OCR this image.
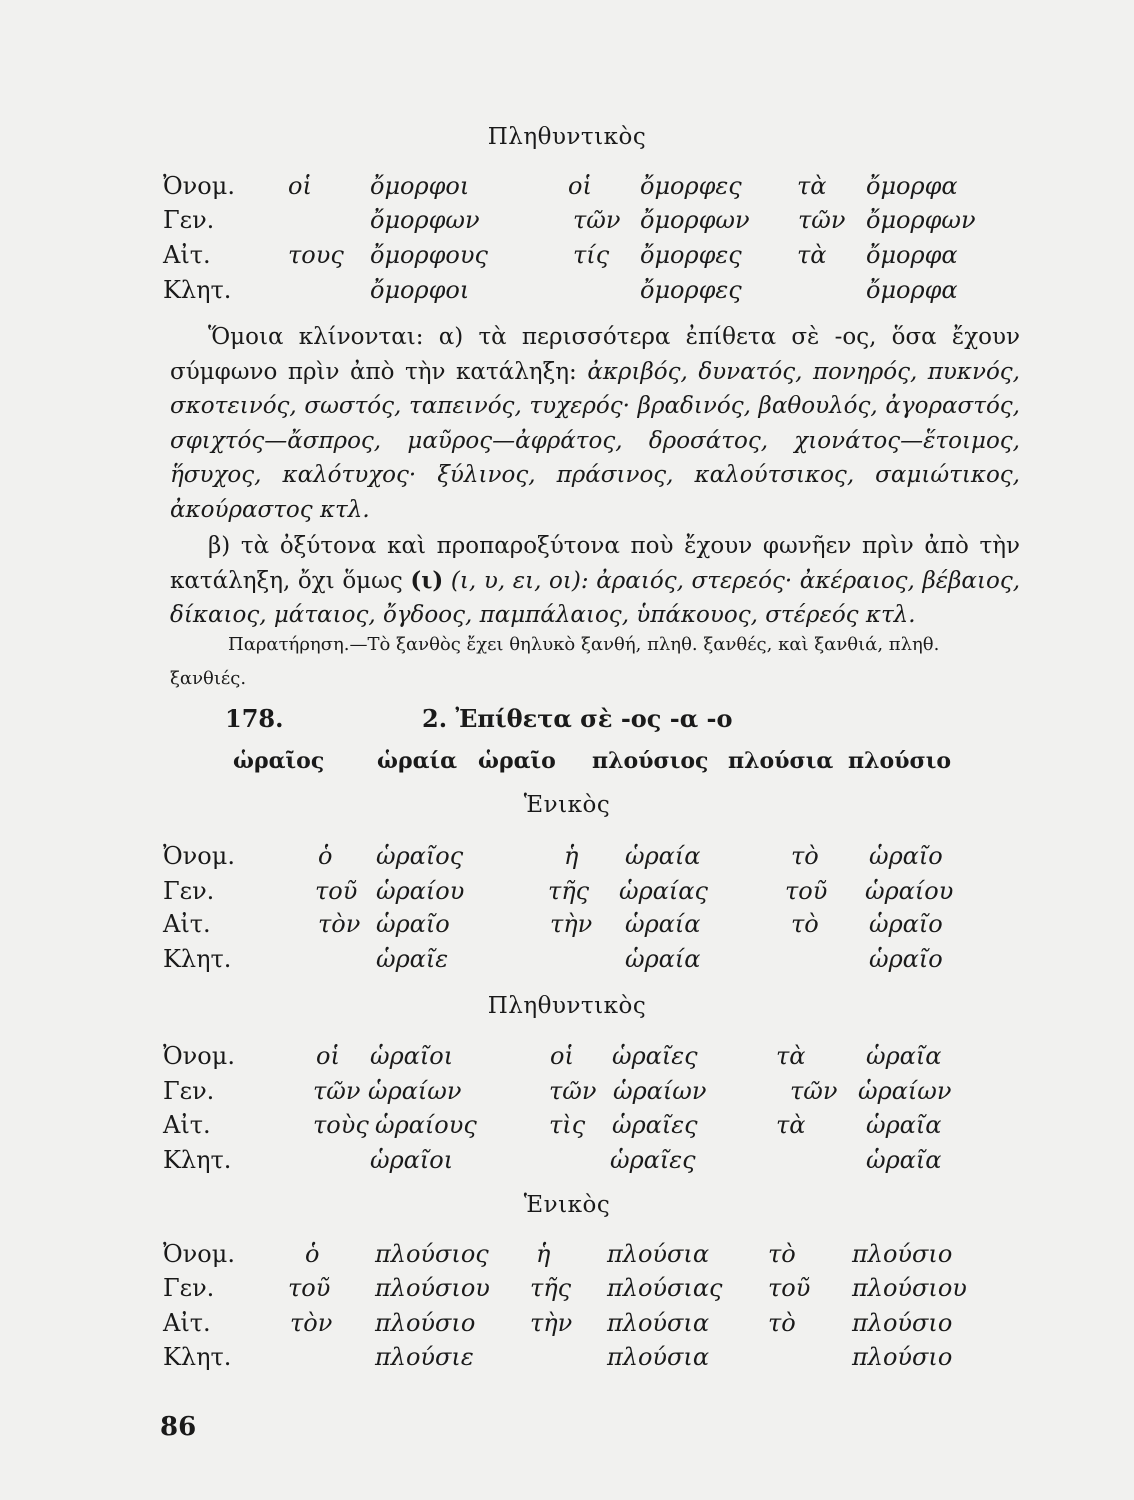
Πληθυντικὸς
Ὀνομ. οἱ ὄμορφοι	οἱ ὄμορφες τὰ ὄμορφα
Γεν.	ὄμορφων	τῶν ὄμορφων τῶν ὄμορφων
Αἰτ.	τους ὄμορφους	τίς ὄμορφες τὰ ὄμορφα
Κλητ.	ὄμορφοι	ὄμορφες	ὄμορφα

Ὅμοια κλίνονται: α) τὰ περισσότερα ἐπίθετα σὲ -ος, ὅσα ἔχουν σύμφωνο πρὶν ἀπὸ τὴν κατάληξη: ἀκριβός, δυνατός, πονηρός, πυκνός, σκοτεινός, σωστός, ταπεινός, τυχερός· βραδινός, βαθουλός, ἀγοραστός, σφιχτός—ἄσπρος, μαῦρος—ἀφράτος, δροσάτος, χιονάτος—ἕτοιμος, ἥσυχος, καλότυχος· ξύλινος, πράσινος, καλούτσικος, σαμιώτικος, ἀκούραστος κτλ.

β) τὰ ὀξύτονα καὶ προπαροξύτονα ποὺ ἔχουν φωνῆεν πρὶν ἀπὸ τὴν κατάληξη, ὄχι ὅμως (ι) (ι, υ, ει, οι): ἀραιός, στερεός· ἀκέραιος, βέβαιος, δίκαιος, μάταιος, ὄγδοος, παμπάλαιος, ὑπάκουος, στέρεός κτλ.

Παρατήρηση.—Τὸ ξανθὸς ἔχει θηλυκὸ ξανθή, πληθ. ξανθές, καὶ ξανθιά, πληθ. ξανθιές.

178.	2. Ἐπίθετα σὲ -ος -α -ο
ὡραῖος ὡραία ὡραῖο πλούσιος πλούσια πλούσιο
Ἑνικὸς
Ὀνομ.	ὁ ὡραῖος	ἡ ὡραία	τὸ ὡραῖο
Γεν.	τοῦ ὡραίου	τῆς ὡραίας	τοῦ ὡραίου
Αἰτ.	τὸν ὡραῖο	τὴν ὡραία	τὸ ὡραῖο
Κλητ.	ὡραῖε	ὡραία	ὡραῖο
Πληθυντικὸς
Ὀνομ.	οἱ ὡραῖοι	οἱ ὡραῖες	τὰ	ὡραῖα
Γεν.	τῶν ὡραίων	τῶν ὡραίων	τῶν ὡραίων
Αἰτ.	τοὺς ὡραίους	τὶς ὡραῖες	τὰ	ὡραῖα
Κλητ.	ὡραῖοι	ὡραῖες	ὡραῖα
Ἑνικὸς
Ὀνομ.	ὁ πλούσιος ἡ πλούσια τὸ πλούσιο
Γεν.	τοῦ πλούσιου τῆς πλούσιας τοῦ πλούσιου
Αἰτ.	τὸν πλούσιο τὴν πλούσια τὸ πλούσιο
Κλητ.	πλούσιε	πλούσια	πλούσιο
86
